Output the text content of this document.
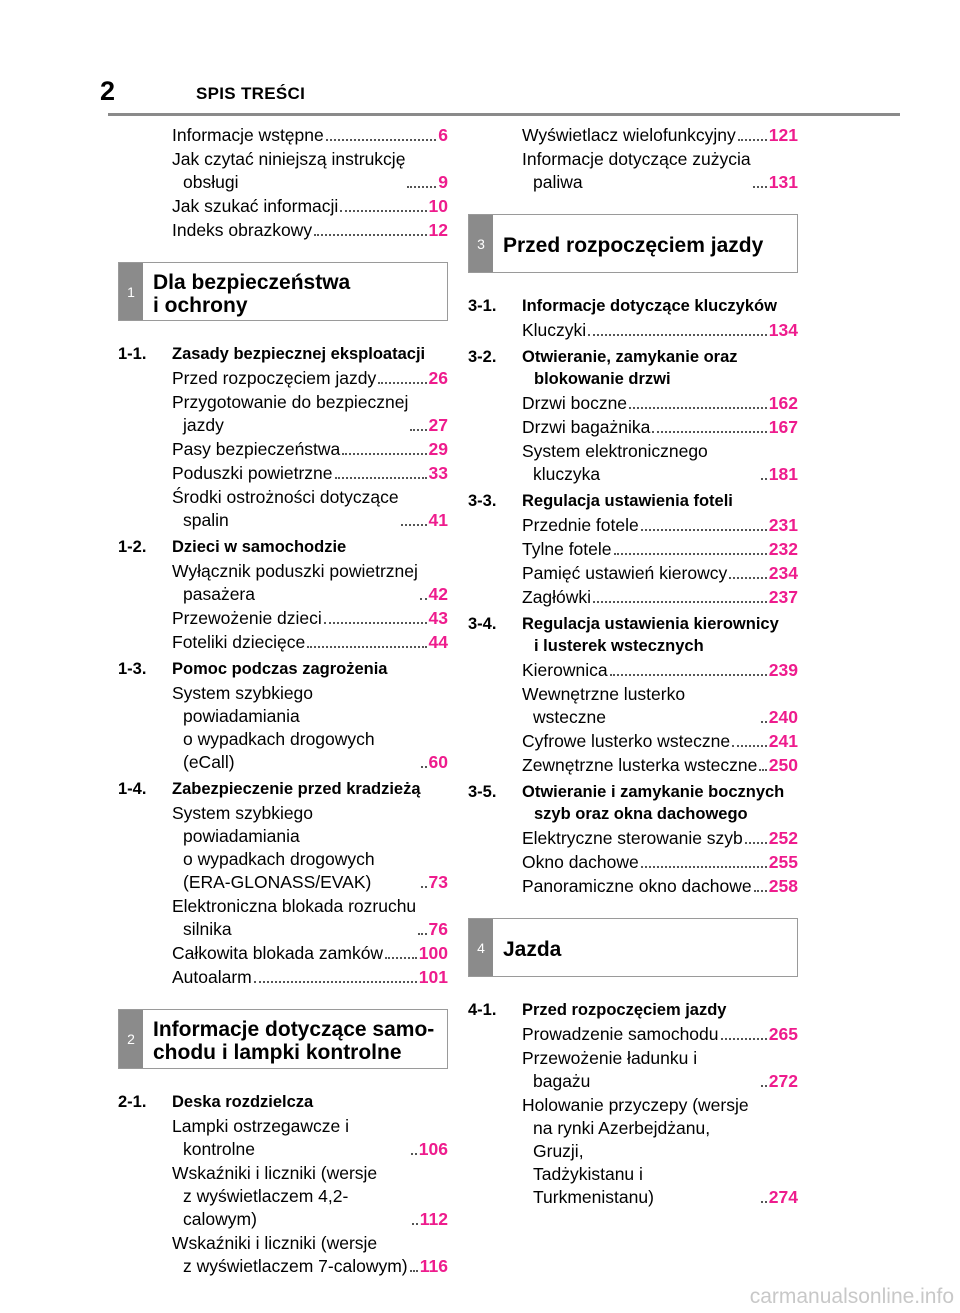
2	SPIS TREŚCI
Informacje wstępne	6
Jak czytać niniejszą instrukcję
obsługi	9
Jak szukać informacji	10
Indeks obrazkowy	12
1 Dla bezpieczeństwa
i ochrony
1-1.	Zasady bezpiecznej eksploatacji
Przed rozpoczęciem jazdy	26
Przygotowanie do bezpiecznej
jazdy	27
Pasy bezpieczeństwa	29
Poduszki powietrzne	33
Środki ostrożności dotyczące
spalin	41
1-2.	Dzieci w samochodzie
Wyłącznik poduszki powietrznej
pasażera	42
Przewożenie dzieci	43
Foteliki dziecięce	44
1-3.	Pomoc podczas zagrożenia
System szybkiego powiadamiania
o wypadkach drogowych
(eCall)	60
1-4.	Zabezpieczenie przed kradzieżą
System szybkiego powiadamiania
o wypadkach drogowych
(ERA-GLONASS/EVAK)	73
Elektroniczna blokada rozruchu
silnika	76
Całkowita blokada zamków 100
Autoalarm	101
2 Informacje dotyczące samo-
chodu i lampki kontrolne
2-1.	Deska rozdzielcza
Lampki ostrzegawcze i kontrolne	106
Wskaźniki i liczniki (wersje
z wyświetlaczem 4,2-calowym)	112
Wskaźniki i liczniki (wersje
z wyświetlaczem 7-calowym) 116
Wyświetlacz wielofunkcyjny 121
Informacje dotyczące zużycia
paliwa	131
3 Przed rozpoczęciem jazdy
3-1.	Informacje dotyczące kluczyków
Kluczyki	134
3-2.	Otwieranie, zamykanie oraz
blokowanie drzwi
Drzwi boczne	162
Drzwi bagażnika	167
System elektronicznego kluczyka	181
3-3.	Regulacja ustawienia foteli
Przednie fotele	231
Tylne fotele	232
Pamięć ustawień kierowcy 234
Zagłówki	237
3-4.	Regulacja ustawienia kierownicy
i lusterek wstecznych
Kierownica	239
Wewnętrzne lusterko wsteczne	240
Cyfrowe lusterko wsteczne 241
Zewnętrzne lusterka wsteczne 250
3-5.	Otwieranie i zamykanie bocznych
szyb oraz okna dachowego
Elektryczne sterowanie szyb 252
Okno dachowe	255
Panoramiczne okno dachowe 258
4 Jazda
4-1.	Przed rozpoczęciem jazdy
Prowadzenie samochodu	265
Przewożenie ładunku i bagażu	272
Holowanie przyczepy (wersje
na rynki Azerbejdżanu, Gruzji,
Tadżykistanu i Turkmenistanu)	274
carmanualsonline.info
